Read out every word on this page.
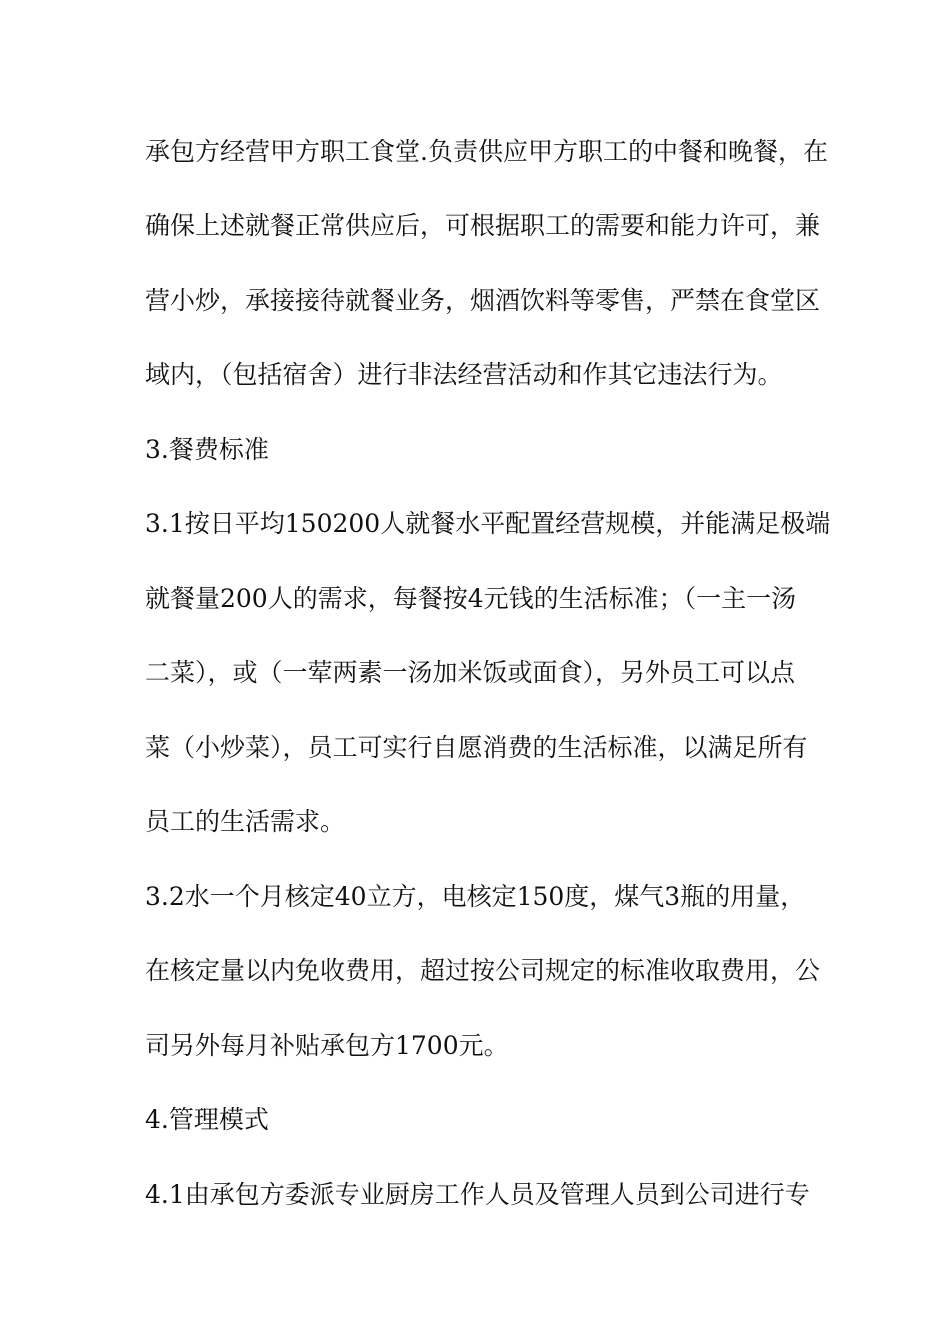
承包方经营甲方职工食堂.负责供应甲方职工的中餐和晚餐，在
确保上述就餐正常供应后，可根据职工的需要和能力许可，兼
营小炒，承接接待就餐业务，烟酒饮料等零售，严禁在食堂区
域内，（包括宿舍）进行非法经营活动和作其它违法行为。
3.餐费标准
3.1按日平均150200人就餐水平配置经营规模，并能满足极端
就餐量200人的需求，每餐按4元钱的生活标准；（一主一汤
二菜），或（一荤两素一汤加米饭或面食），另外员工可以点
菜（小炒菜），员工可实行自愿消费的生活标准，以满足所有
员工的生活需求。
3.2水一个月核定40立方，电核定150度，煤气3瓶的用量，
在核定量以内免收费用，超过按公司规定的标准收取费用，公
司另外每月补贴承包方1700元。
4.管理模式
4.1由承包方委派专业厨房工作人员及管理人员到公司进行专
